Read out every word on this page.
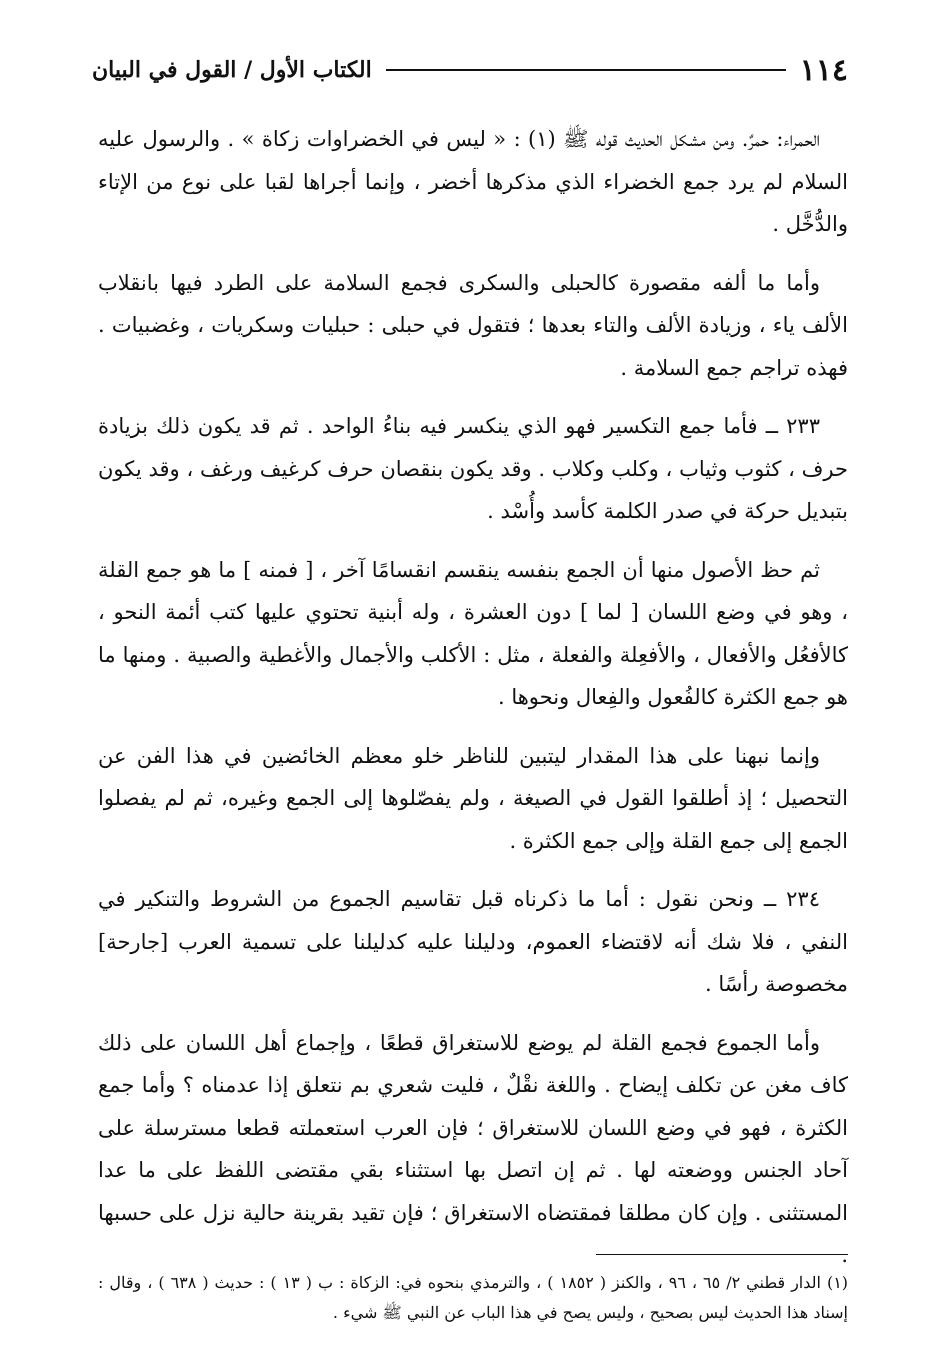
١١٤
الكتاب الأول / القول في البيان

الحمراء: حمرٌ. ومن مشكل الحديث قوله ﷺ (١) : « ليس في الخضراوات زكاة » . والرسول عليه السلام لم يرد جمع الخضراء الذي مذكرها أخضر ، وإنما أجراها لقبا على نوع من الإتاء والدُّخَّل .

وأما ما ألفه مقصورة كالحبلى والسكرى فجمع السلامة على الطرد فيها بانقلاب الألف ياء ، وزيادة الألف والتاء بعدها ؛ فتقول في حبلى : حبليات وسكريات ، وغضبيات . فهذه تراجم جمع السلامة .

٢٣٣ ــ فأما جمع التكسير فهو الذي ينكسر فيه بناءُ الواحد . ثم قد يكون ذلك بزيادة حرف ، كثوب وثياب ، وكلب وكلاب . وقد يكون بنقصان حرف كرغيف ورغف ، وقد يكون بتبديل حركة في صدر الكلمة كأسد وأُسْد .

ثم حظ الأصول منها أن الجمع بنفسه ينقسم انقسامًا آخر ، [ فمنه ] ما هو جمع القلة ، وهو في وضع اللسان [ لما ] دون العشرة ، وله أبنية تحتوي عليها كتب أئمة النحو ، كالأفعُل والأفعال ، والأفعِلة والفعلة ، مثل : الأكلب والأجمال والأغطية والصبية . ومنها ما هو جمع الكثرة كالفُعول والفِعال ونحوها .

وإنما نبهنا على هذا المقدار ليتبين للناظر خلو معظم الخائضين في هذا الفن عن التحصيل ؛ إذ أطلقوا القول في الصيغة ، ولم يفصّلوها إلى الجمع وغيره، ثم لم يفصلوا الجمع إلى جمع القلة وإلى جمع الكثرة .

٢٣٤ ــ ونحن نقول : أما ما ذكرناه قبل تقاسيم الجموع من الشروط والتنكير في النفي ، فلا شك أنه لاقتضاء العموم، ودليلنا عليه كدليلنا على تسمية العرب [جارحة] مخصوصة رأسًا .

وأما الجموع فجمع القلة لم يوضع للاستغراق قطعًا ، وإجماع أهل اللسان على ذلك كاف مغن عن تكلف إيضاح . واللغة نقْلٌ ، فليت شعري بم نتعلق إذا عدمناه ؟ وأما جمع الكثرة ، فهو في وضع اللسان للاستغراق ؛ فإن العرب استعملته قطعا مسترسلة على آحاد الجنس ووضعته لها . ثم إن اتصل بها استثناء بقي مقتضى اللفظ على ما عدا المستثنى . وإن كان مطلقا فمقتضاه الاستغراق ؛ فإن تقيد بقرينة حالية نزل على حسبها .

(١) الدار قطني ٢/ ٦٥ ، ٩٦ ، والكنز ( ١٨٥٢ ) ، والترمذي بنحوه في: الزكاة : ب ( ١٣ ) : حديث ( ٦٣٨ ) ، وقال : إسناد هذا الحديث ليس بصحيح ، وليس يصح في هذا الباب عن النبي ﷺ شيء .
